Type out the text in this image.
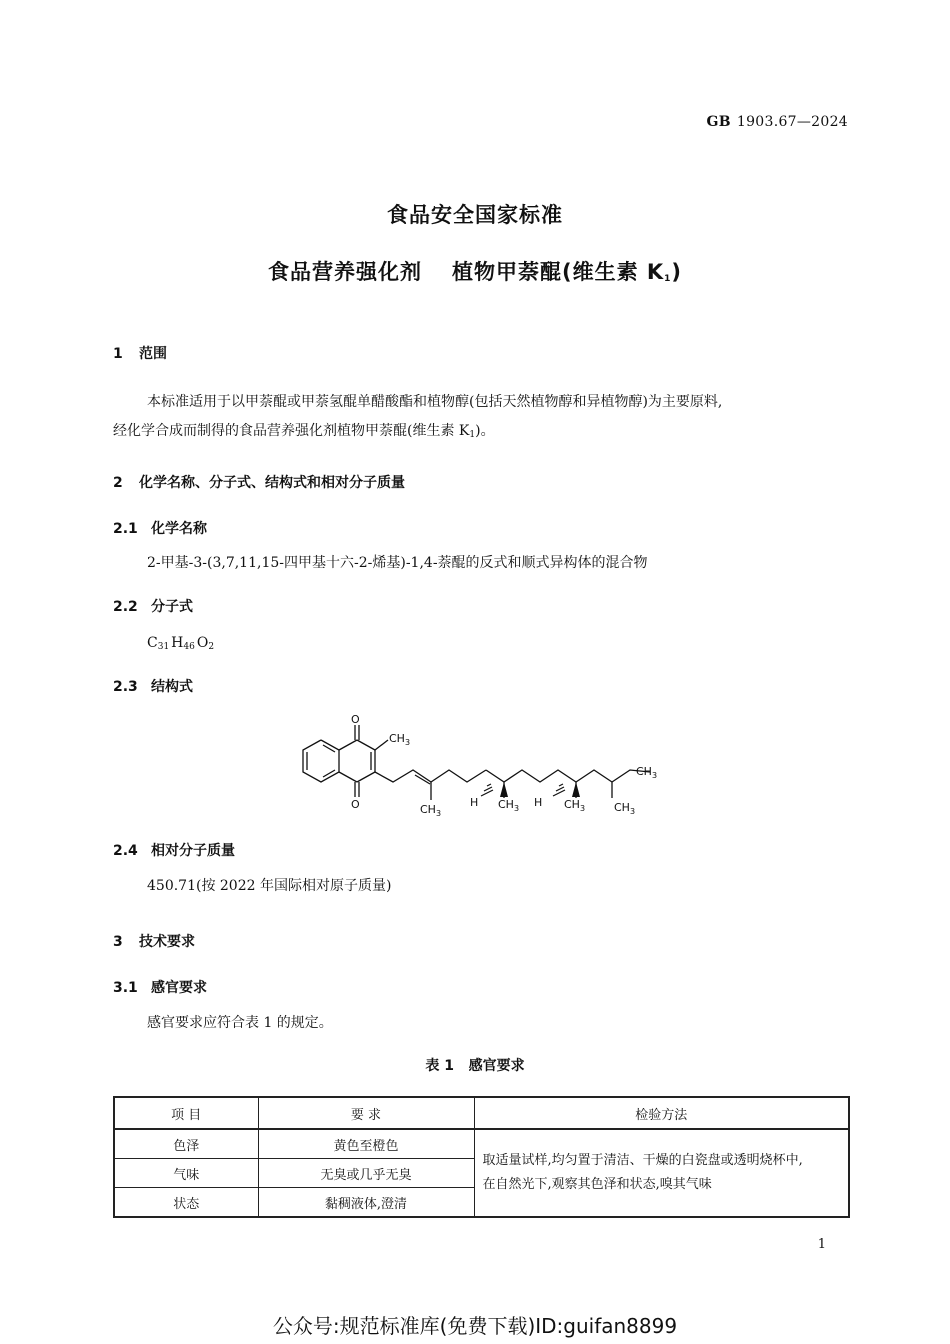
GB 1903.67—2024
食品安全国家标准
食品营养强化剂 植物甲萘醌(维生素 $K_1$)
1 范围
本标准适用于以甲萘醌或甲萘氢醌单醋酸酯和植物醇(包括天然植物醇和异植物醇)为主要原料,
经化学合成而制得的食品营养强化剂植物甲萘醌(维生素 $K_1$)。
2 化学名称、分子式、结构式和相对分子质量
2.1 化学名称
2-甲基-3-(3,7,11,15-四甲基十六-2-烯基)-1,4-萘醌的反式和顺式异构体的混合物
2.2 分子式
$C_{31}$ $H_{46}$ $O_2$
2.3 结构式
O
O
$CH_3$
$CH_3$
H $CH_3$ H $CH_3$	$CH_3$
$CH_3$
2.4 相对分子质量
450.71(按 2022 年国际相对原子质量)
3 技术要求
3.1 感官要求
感官要求应符合表 1 的规定。
表 1   感官要求
项 目	要 求	检验方法
色泽	黄色至橙色	取适量试样,均匀置于清洁、干燥的白瓷盘或透明烧杯中,
在自然光下,观察其色泽和状态,嗅其气味

气味	无臭或几乎无臭	
状态	黏稠液体,澄清	
1
公众号:规范标准库(免费下载)ID:guifan8899
